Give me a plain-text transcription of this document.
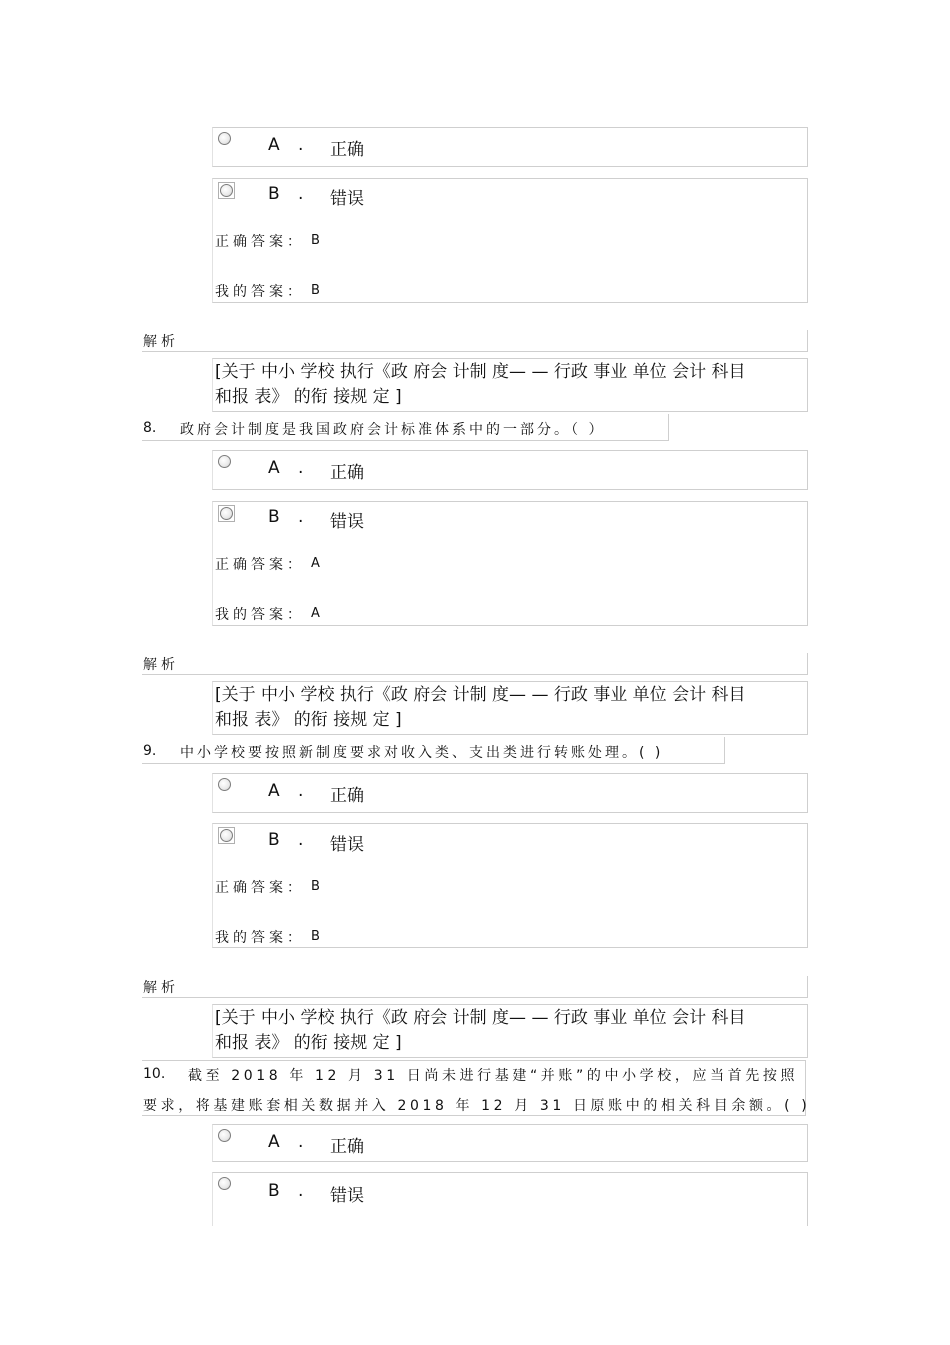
A . 正确
B . 错误
正确答案： B
我的答案： B
解析
[关于 中小 学校 执行《政 府会 计制 度— — 行政 事业 单位 会计 科目
和报 表》 的衔 接规 定 ]
8. 政府会计制度是我国政府会计标准体系中的一部分。（ ）
A . 正确
B . 错误
正确答案： A
我的答案： A
解析
[关于 中小 学校 执行《政 府会 计制 度— — 行政 事业 单位 会计 科目
和报 表》 的衔 接规 定 ]
9. 中小学校要按照新制度要求对收入类、支出类进行转账处理。( )
A . 正确
B . 错误
正确答案： B
我的答案： B
解析
[关于 中小 学校 执行《政 府会 计制 度— — 行政 事业 单位 会计 科目
和报 表》 的衔 接规 定 ]
10. 截至 2018 年 12 月 31 日尚未进行基建“并账”的中小学校，应当首先按照
要求，将基建账套相关数据并入 2018 年 12 月 31 日原账中的相关科目余额。( )
A . 正确
B . 错误
